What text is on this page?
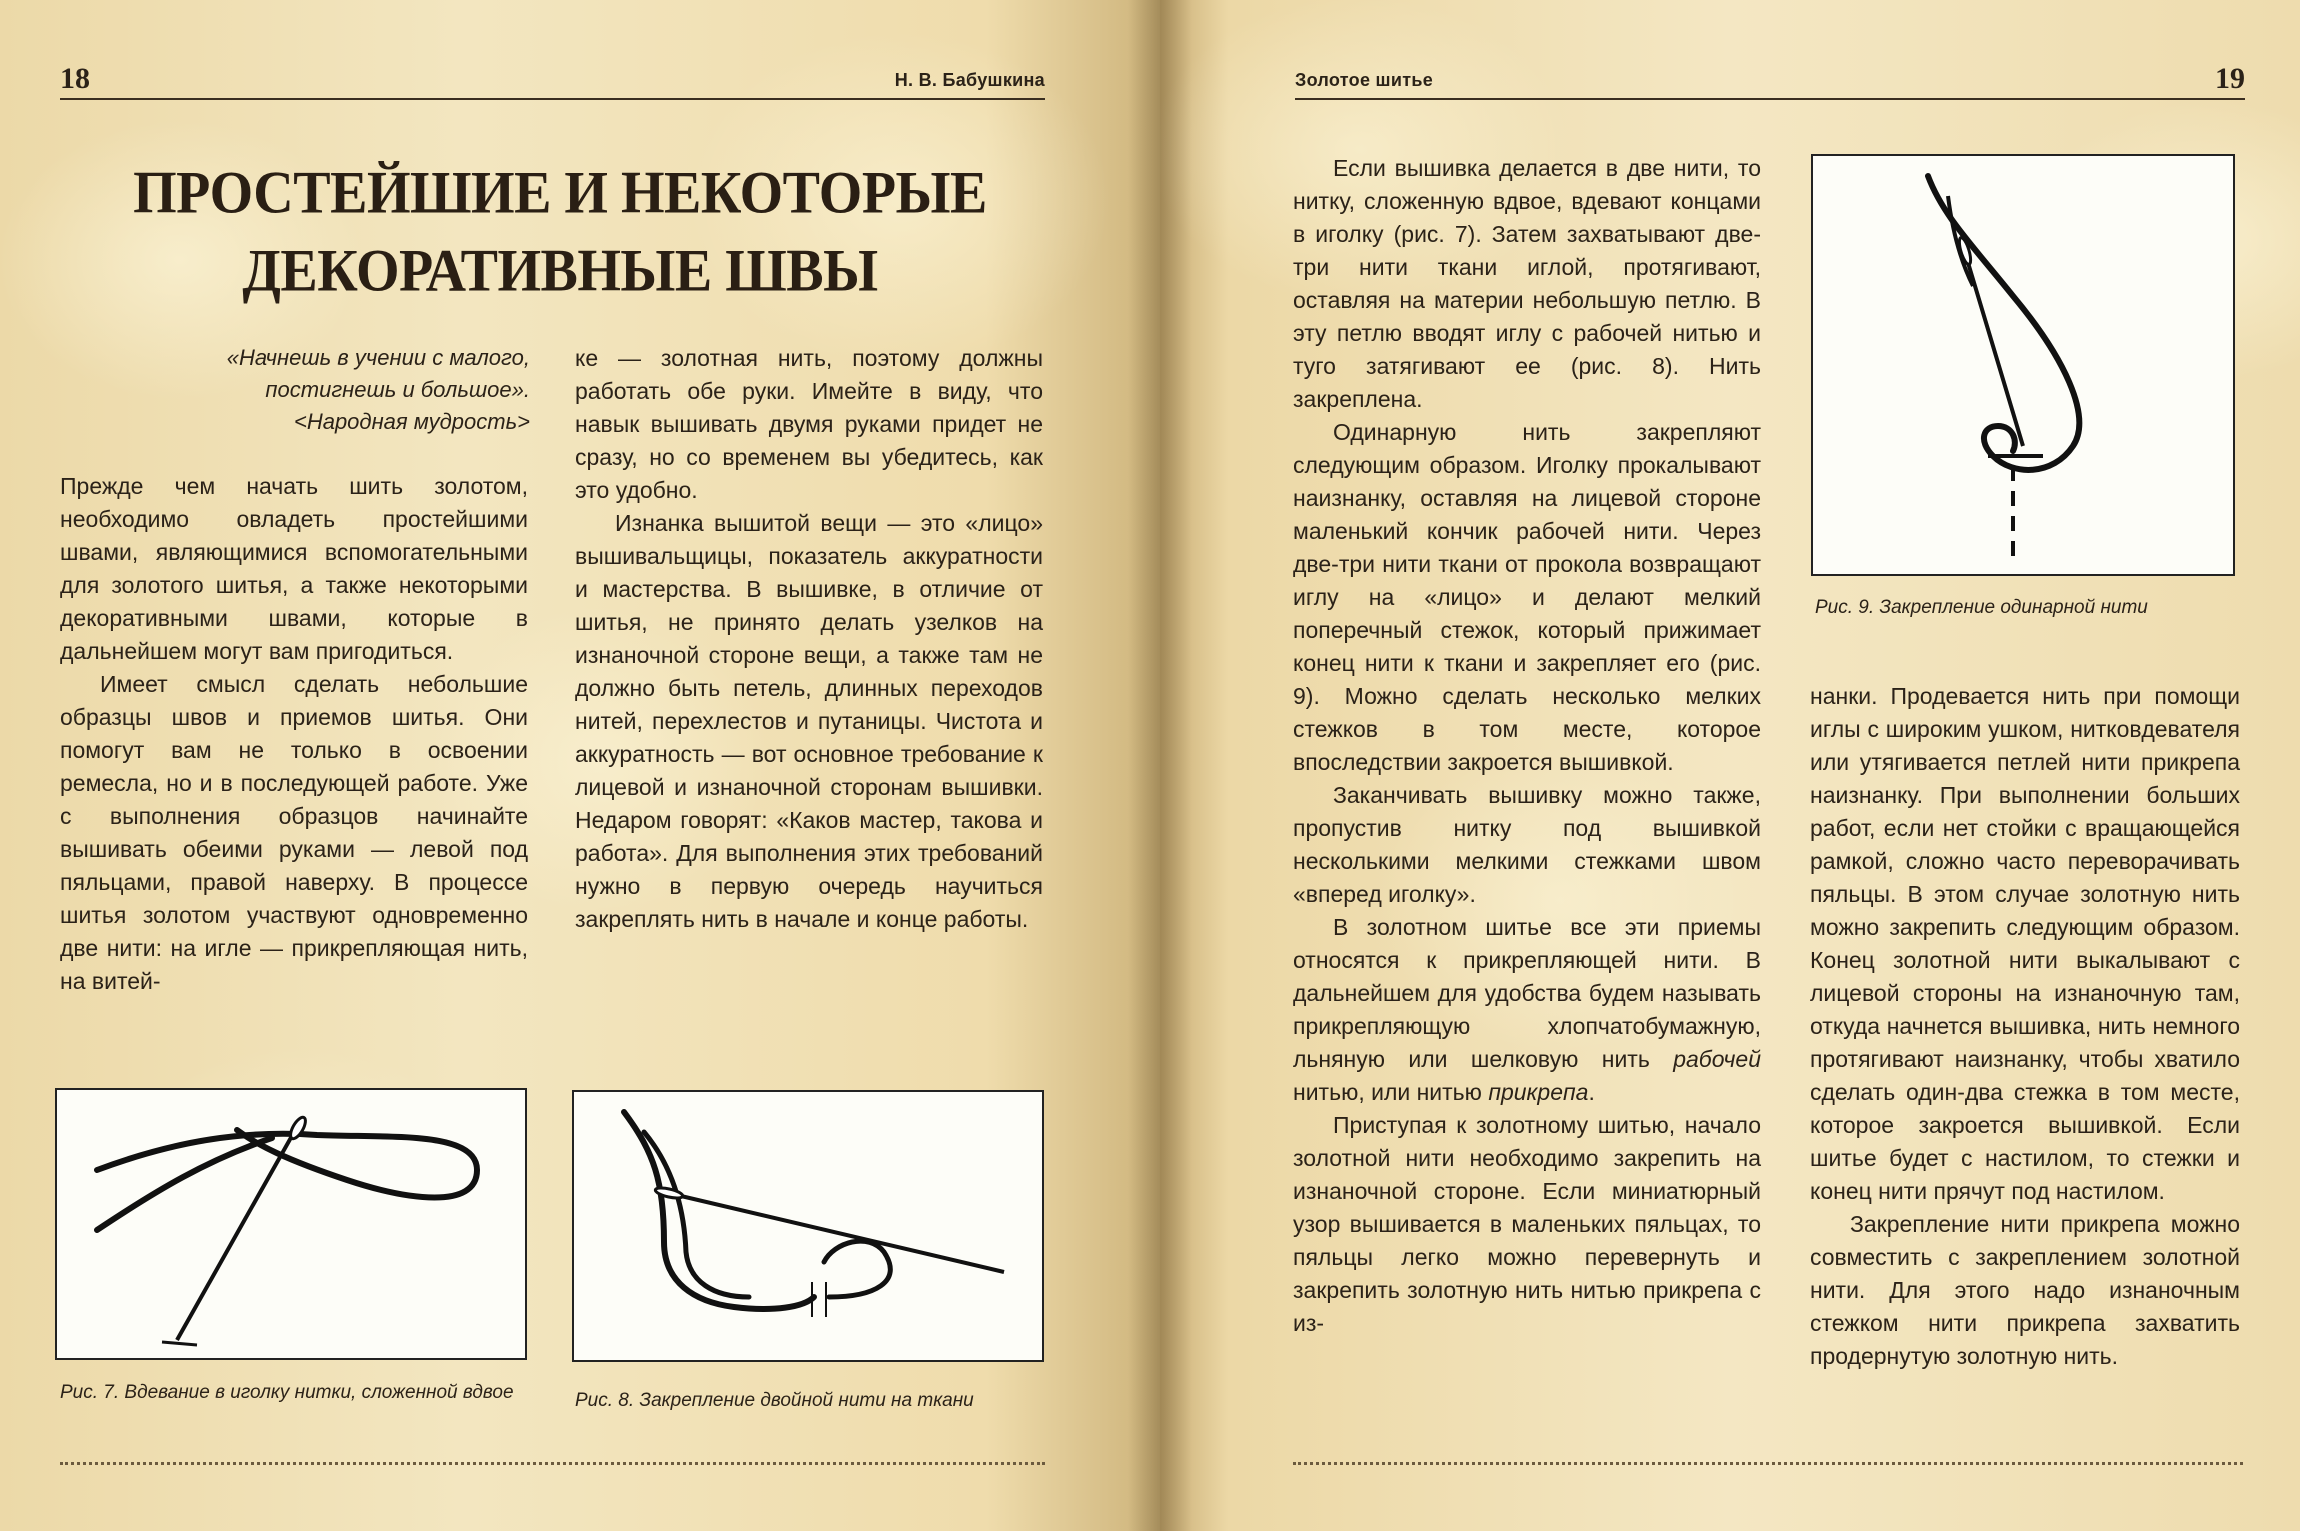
18	Н. В. Бабушкина
ПРОСТЕЙШИЕ И НЕКОТОРЫЕ ДЕКОРАТИВНЫЕ ШВЫ
«Начнешь в учении с малого,
постигнешь и большое».
<Народная мудрость>

Прежде чем начать шить золотом, необходимо овладеть простейшими швами, являющимися вспомогательными для золотого шитья, а также некоторыми декоративными швами, которые в дальнейшем могут вам пригодиться.

Имеет смысл сделать небольшие образцы швов и приемов шитья. Они помогут вам не только в освоении ремесла, но и в последующей работе. Уже с выполнения образцов начинайте вышивать обеими руками — левой под пяльцами, правой наверху. В процессе шитья золотом участвуют одновременно две нити: на игле — прикрепляющая нить, на витей-

ке — золотная нить, поэтому должны работать обе руки. Имейте в виду, что навык вышивать двумя руками придет не сразу, но со временем вы убедитесь, как это удобно.

Изнанка вышитой вещи — это «лицо» вышивальщицы, показатель аккуратности и мастерства. В вышивке, в отличие от шитья, не принято делать узелков на изнаночной стороне вещи, а также там не должно быть петель, длинных переходов нитей, перехлестов и путаницы. Чистота и аккуратность — вот основное требование к лицевой и изнаночной сторонам вышивки. Недаром говорят: «Каков мастер, такова и работа». Для выполнения этих требований нужно в первую очередь научиться закреплять нить в начале и конце работы.

Рис. 7. Вдевание в иголку нитки, сложенной вдвое	Рис. 8. Закрепление двойной нити на ткани
Золотое шитье	19

Если вышивка делается в две нити, то нитку, сложенную вдвое, вдевают концами в иголку (рис. 7). Затем захватывают две-три нити ткани иглой, протягивают, оставляя на материи небольшую петлю. В эту петлю вводят иглу с рабочей нитью и туго затягивают ее (рис. 8). Нить закреплена.

Одинарную нить закрепляют следующим образом. Иголку прокалывают наизнанку, оставляя на лицевой стороне маленький кончик рабочей нити. Через две-три нити ткани от прокола возвращают иглу на «лицо» и делают мелкий поперечный стежок, который прижимает конец нити к ткани и закрепляет его (рис. 9). Можно сделать несколько мелких стежков в том месте, которое впоследствии закроется вышивкой.

Заканчивать вышивку можно также, пропустив нитку под вышивкой несколькими мелкими стежками швом «вперед иголку».

В золотном шитье все эти приемы относятся к прикрепляющей нити. В дальнейшем для удобства будем называть прикрепляющую хлопчатобумажную, льняную или шелковую нить рабочей нитью, или нитью прикрепа.

Приступая к золотному шитью, начало золотной нити необходимо закрепить на изнаночной стороне. Если миниатюрный узор вышивается в маленьких пяльцах, то пяльцы легко можно перевернуть и закрепить золотную нить нитью прикрепа с из-

Рис. 9. Закрепление одинарной нити

нанки. Продевается нить при помощи иглы с широким ушком, нитковдевателя или утягивается петлей нити прикрепа наизнанку. При выполнении больших работ, если нет стойки с вращающейся рамкой, сложно часто переворачивать пяльцы. В этом случае золотную нить можно закрепить следующим образом. Конец золотной нити выкалывают с лицевой стороны на изнаночную там, откуда начнется вышивка, нить немного протягивают наизнанку, чтобы хватило сделать один-два стежка в том месте, которое закроется вышивкой. Если шитье будет с настилом, то стежки и конец нити прячут под настилом.

Закрепление нити прикрепа можно совместить с закреплением золотной нити. Для этого надо изнаночным стежком нити прикрепа захватить продернутую золотную нить.
